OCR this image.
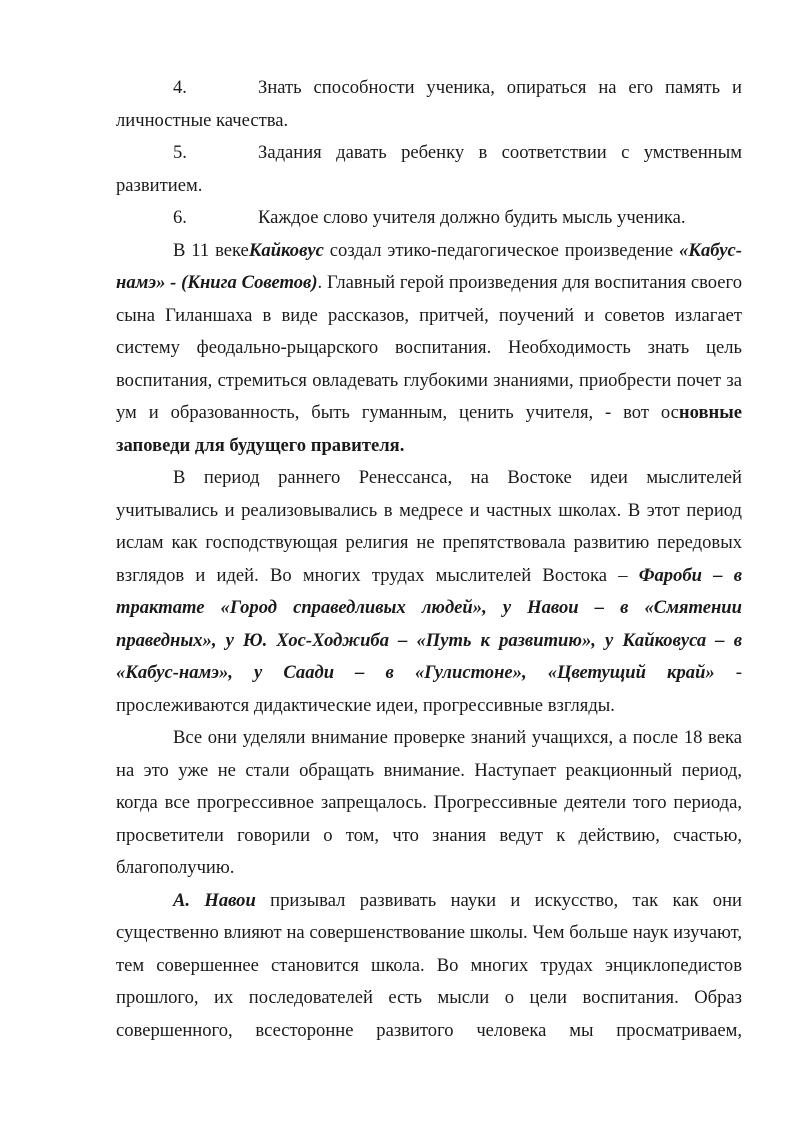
4.	Знать способности ученика, опираться на его память и личностные качества.

5.	Задания давать ребенку в соответствии с умственным развитием.

6.	Каждое слово учителя должно будить мысль ученика.

В 11 векеКайковус создал этико-педагогическое произведение «Кабус-намэ» - (Книга Советов). Главный герой произведения для воспитания своего сына Гиланшаха в виде рассказов, притчей, поучений и советов излагает систему феодально-рыцарского воспитания. Необходимость знать цель воспитания, стремиться овладевать глубокими знаниями, приобрести почет за ум и образованность, быть гуманным, ценить учителя, - вот основные заповеди для будущего правителя.

В период раннего Ренессанса, на Востоке идеи мыслителей учитывались и реализовывались в медресе и частных школах. В этот период ислам как господствующая религия не препятствовала развитию передовых взглядов и идей. Во многих трудах мыслителей Востока – Фароби – в трактате «Город справедливых людей», у Навои – в «Смятении праведных», у Ю. Хос-Ходжиба – «Путь к развитию», у Кайковуса – в «Кабус-намэ», у Саади – в «Гулистоне», «Цветущий край» - прослеживаются дидактические идеи, прогрессивные взгляды.

Все они уделяли внимание проверке знаний учащихся, а после 18 века на это уже не стали обращать внимание. Наступает реакционный период, когда все прогрессивное запрещалось. Прогрессивные деятели того периода, просветители говорили о том, что знания ведут к действию, счастью, благополучию.

А. Навои призывал развивать науки и искусство, так как они существенно влияют на совершенствование школы. Чем больше наук изучают, тем совершеннее становится школа. Во многих трудах энциклопедистов прошлого, их последователей есть мысли о цели воспитания. Образ совершенного, всесторонне развитого человека мы просматриваем,
